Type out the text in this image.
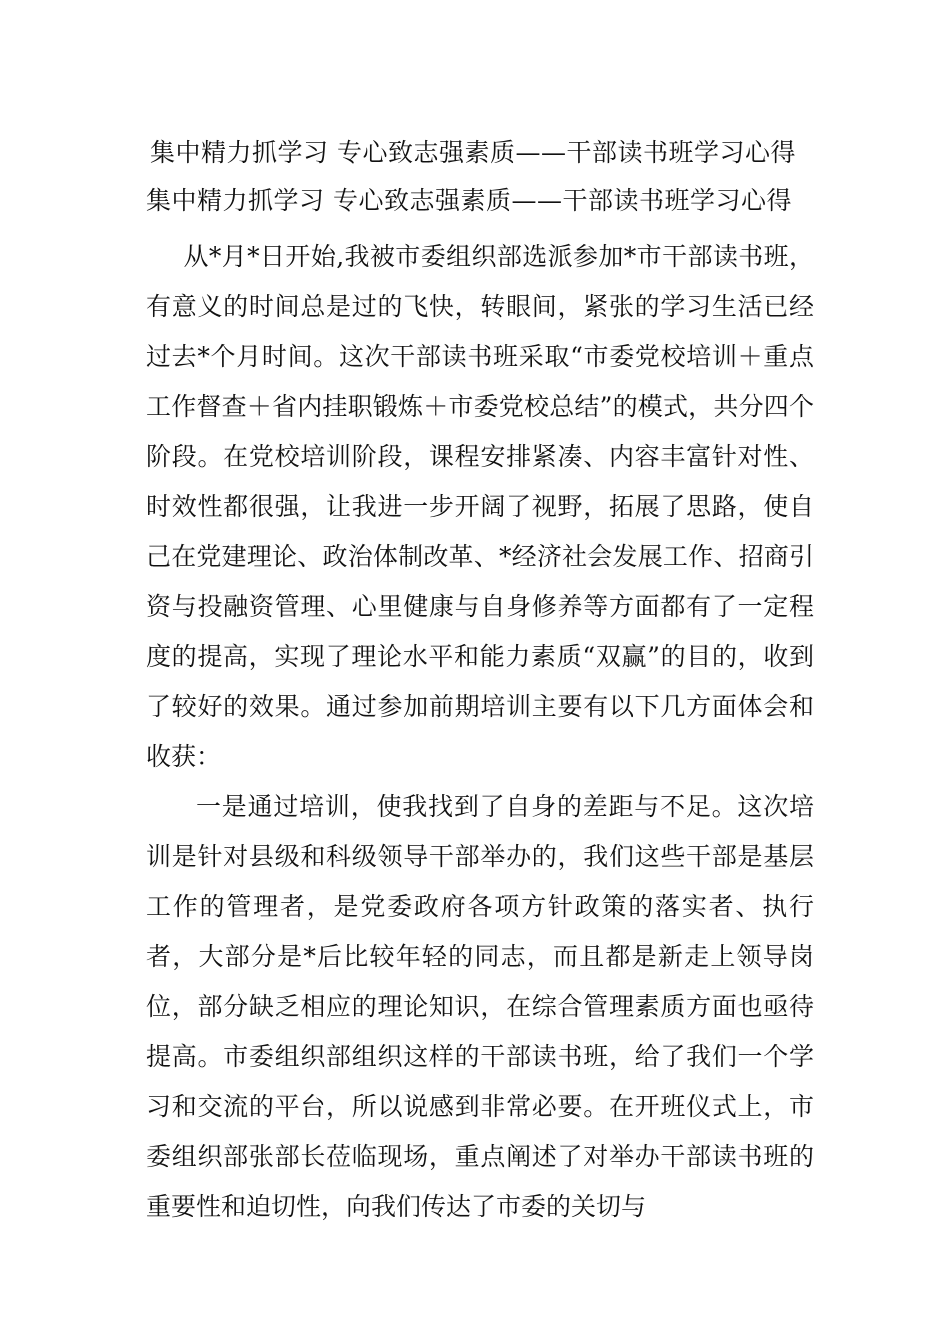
集中精力抓学习 专心致志强素质——干部读书班学习心得
集中精力抓学习 专心致志强素质——干部读书班学习心得

从*月*日开始,我被市委组织部选派参加*市干部读书班，有意义的时间总是过的飞快，转眼间，紧张的学习生活已经过去*个月时间。这次干部读书班采取“市委党校培训＋重点工作督查＋省内挂职锻炼＋市委党校总结”的模式，共分四个阶段。在党校培训阶段，课程安排紧凑、内容丰富针对性、时效性都很强，让我进一步开阔了视野，拓展了思路，使自己在党建理论、政治体制改革、*经济社会发展工作、招商引资与投融资管理、心里健康与自身修养等方面都有了一定程度的提高，实现了理论水平和能力素质“双赢”的目的，收到了较好的效果。通过参加前期培训主要有以下几方面体会和收获：

一是通过培训，使我找到了自身的差距与不足。这次培训是针对县级和科级领导干部举办的，我们这些干部是基层工作的管理者，是党委政府各项方针政策的落实者、执行者，大部分是*后比较年轻的同志，而且都是新走上领导岗位，部分缺乏相应的理论知识，在综合管理素质方面也亟待提高。市委组织部组织这样的干部读书班，给了我们一个学习和交流的平台，所以说感到非常必要。在开班仪式上，市委组织部张部长莅临现场，重点阐述了对举办干部读书班的重要性和迫切性，向我们传达了市委的关切与
